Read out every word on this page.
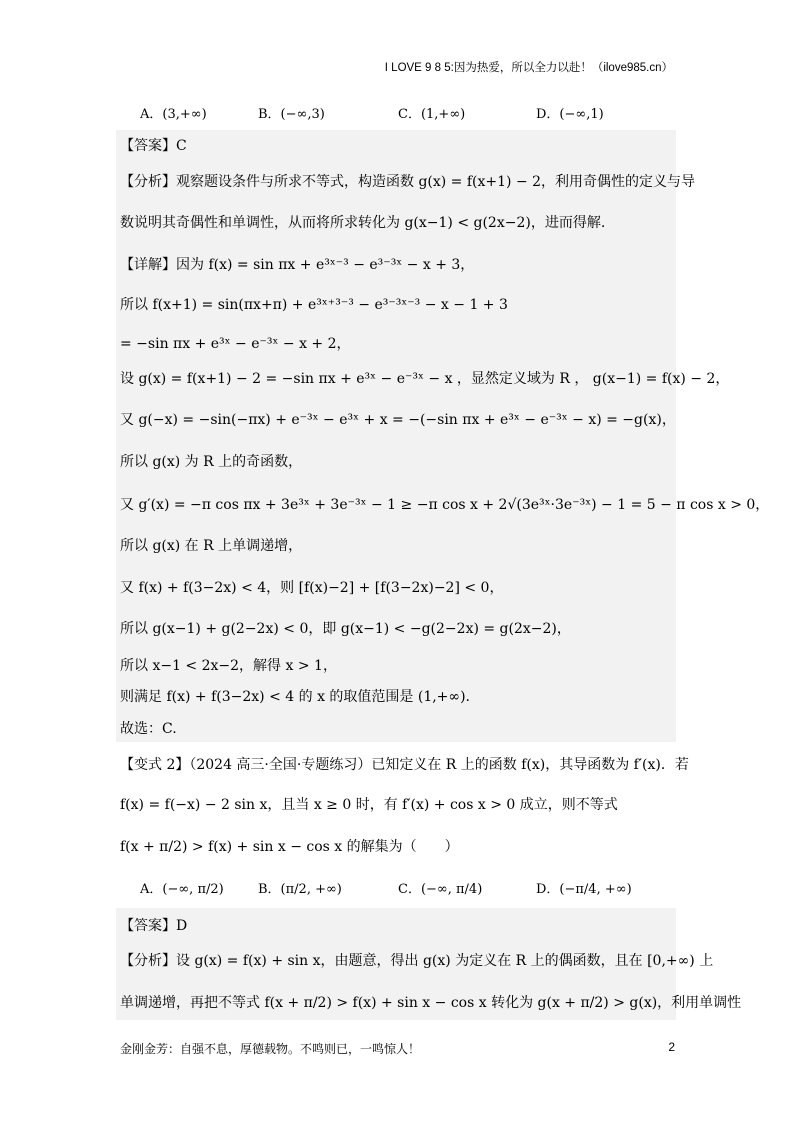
I LOVE 9 8 5:因为热爱，所以全力以赴！（ilove985.cn）
A．(3,+∞)	B．(−∞,3)	C．(1,+∞)	D．(−∞,1)
【答案】C
【分析】观察题设条件与所求不等式，构造函数 g(x) = f(x+1) − 2，利用奇偶性的定义与导
数说明其奇偶性和单调性，从而将所求转化为 g(x−1) < g(2x−2)，进而得解.
【详解】因为 f(x) = sin πx + e³ˣ⁻³ − e³⁻³ˣ − x + 3，
所以 f(x+1) = sin(πx+π) + e³ˣ⁺³⁻³ − e³⁻³ˣ⁻³ − x − 1 + 3
= −sin πx + e³ˣ − e⁻³ˣ − x + 2，
设 g(x) = f(x+1) − 2 = −sin πx + e³ˣ − e⁻³ˣ − x ，显然定义域为 R ， g(x−1) = f(x) − 2，
又 g(−x) = −sin(−πx) + e⁻³ˣ − e³ˣ + x = −(−sin πx + e³ˣ − e⁻³ˣ − x) = −g(x)，
所以 g(x) 为 R 上的奇函数，
又 g′(x) = −π cos πx + 3e³ˣ + 3e⁻³ˣ − 1 ≥ −π cos x + 2√(3e³ˣ·3e⁻³ˣ) − 1 = 5 − π cos x > 0，
所以 g(x) 在 R 上单调递增，
又 f(x) + f(3−2x) < 4，则 [f(x)−2] + [f(3−2x)−2] < 0，
所以 g(x−1) + g(2−2x) < 0，即 g(x−1) < −g(2−2x) = g(2x−2)，
所以 x−1 < 2x−2，解得 x > 1，
则满足 f(x) + f(3−2x) < 4 的 x 的取值范围是 (1,+∞).
故选：C.
【变式 2】（2024 高三·全国·专题练习）已知定义在 R 上的函数 f(x)，其导函数为 f′(x)．若
f(x) = f(−x) − 2 sin x，且当 x ≥ 0 时，有 f′(x) + cos x > 0 成立，则不等式
f(x + π/2) > f(x) + sin x − cos x 的解集为（　　）
A．(−∞, π/2)	B．(π/2, +∞)	C．(−∞, π/4)	D．(−π/4, +∞)
【答案】D
【分析】设 g(x) = f(x) + sin x，由题意，得出 g(x) 为定义在 R 上的偶函数，且在 [0,+∞) 上
单调递增，再把不等式 f(x + π/2) > f(x) + sin x − cos x 转化为 g(x + π/2) > g(x)，利用单调性
金刚金芳：自强不息，厚德载物。不鸣则已，一鸣惊人！	2
